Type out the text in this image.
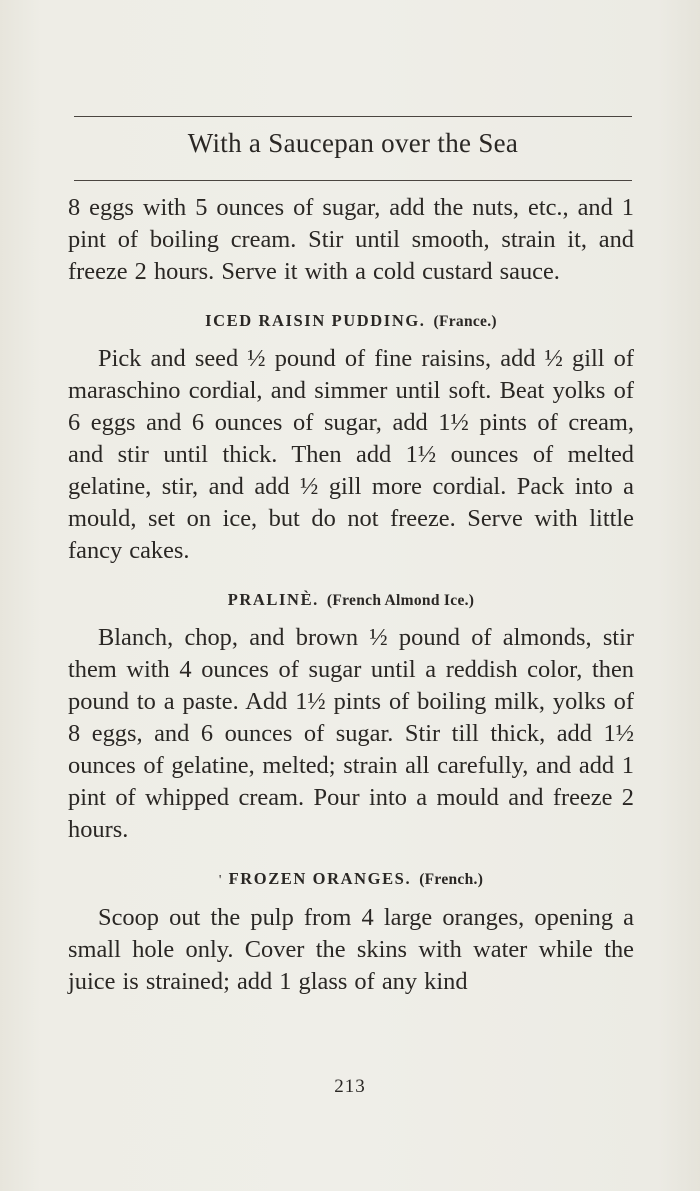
With a Saucepan over the Sea

8 eggs with 5 ounces of sugar, add the nuts, etc., and 1 pint of boiling cream. Stir until smooth, strain it, and freeze 2 hours. Serve it with a cold custard sauce.

ICED RAISIN PUDDING. (France.)

Pick and seed ½ pound of fine raisins, add ½ gill of maraschino cordial, and simmer until soft. Beat yolks of 6 eggs and 6 ounces of sugar, add 1½ pints of cream, and stir until thick. Then add 1½ ounces of melted gelatine, stir, and add ½ gill more cordial. Pack into a mould, set on ice, but do not freeze. Serve with little fancy cakes.

PRALINÈ. (French Almond Ice.)

Blanch, chop, and brown ½ pound of almonds, stir them with 4 ounces of sugar until a reddish color, then pound to a paste. Add 1½ pints of boiling milk, yolks of 8 eggs, and 6 ounces of sugar. Stir till thick, add 1½ ounces of gelatine, melted; strain all carefully, and add 1 pint of whipped cream. Pour into a mould and freeze 2 hours.

' FROZEN ORANGES. (French.)

Scoop out the pulp from 4 large oranges, opening a small hole only. Cover the skins with water while the juice is strained; add 1 glass of any kind

213
